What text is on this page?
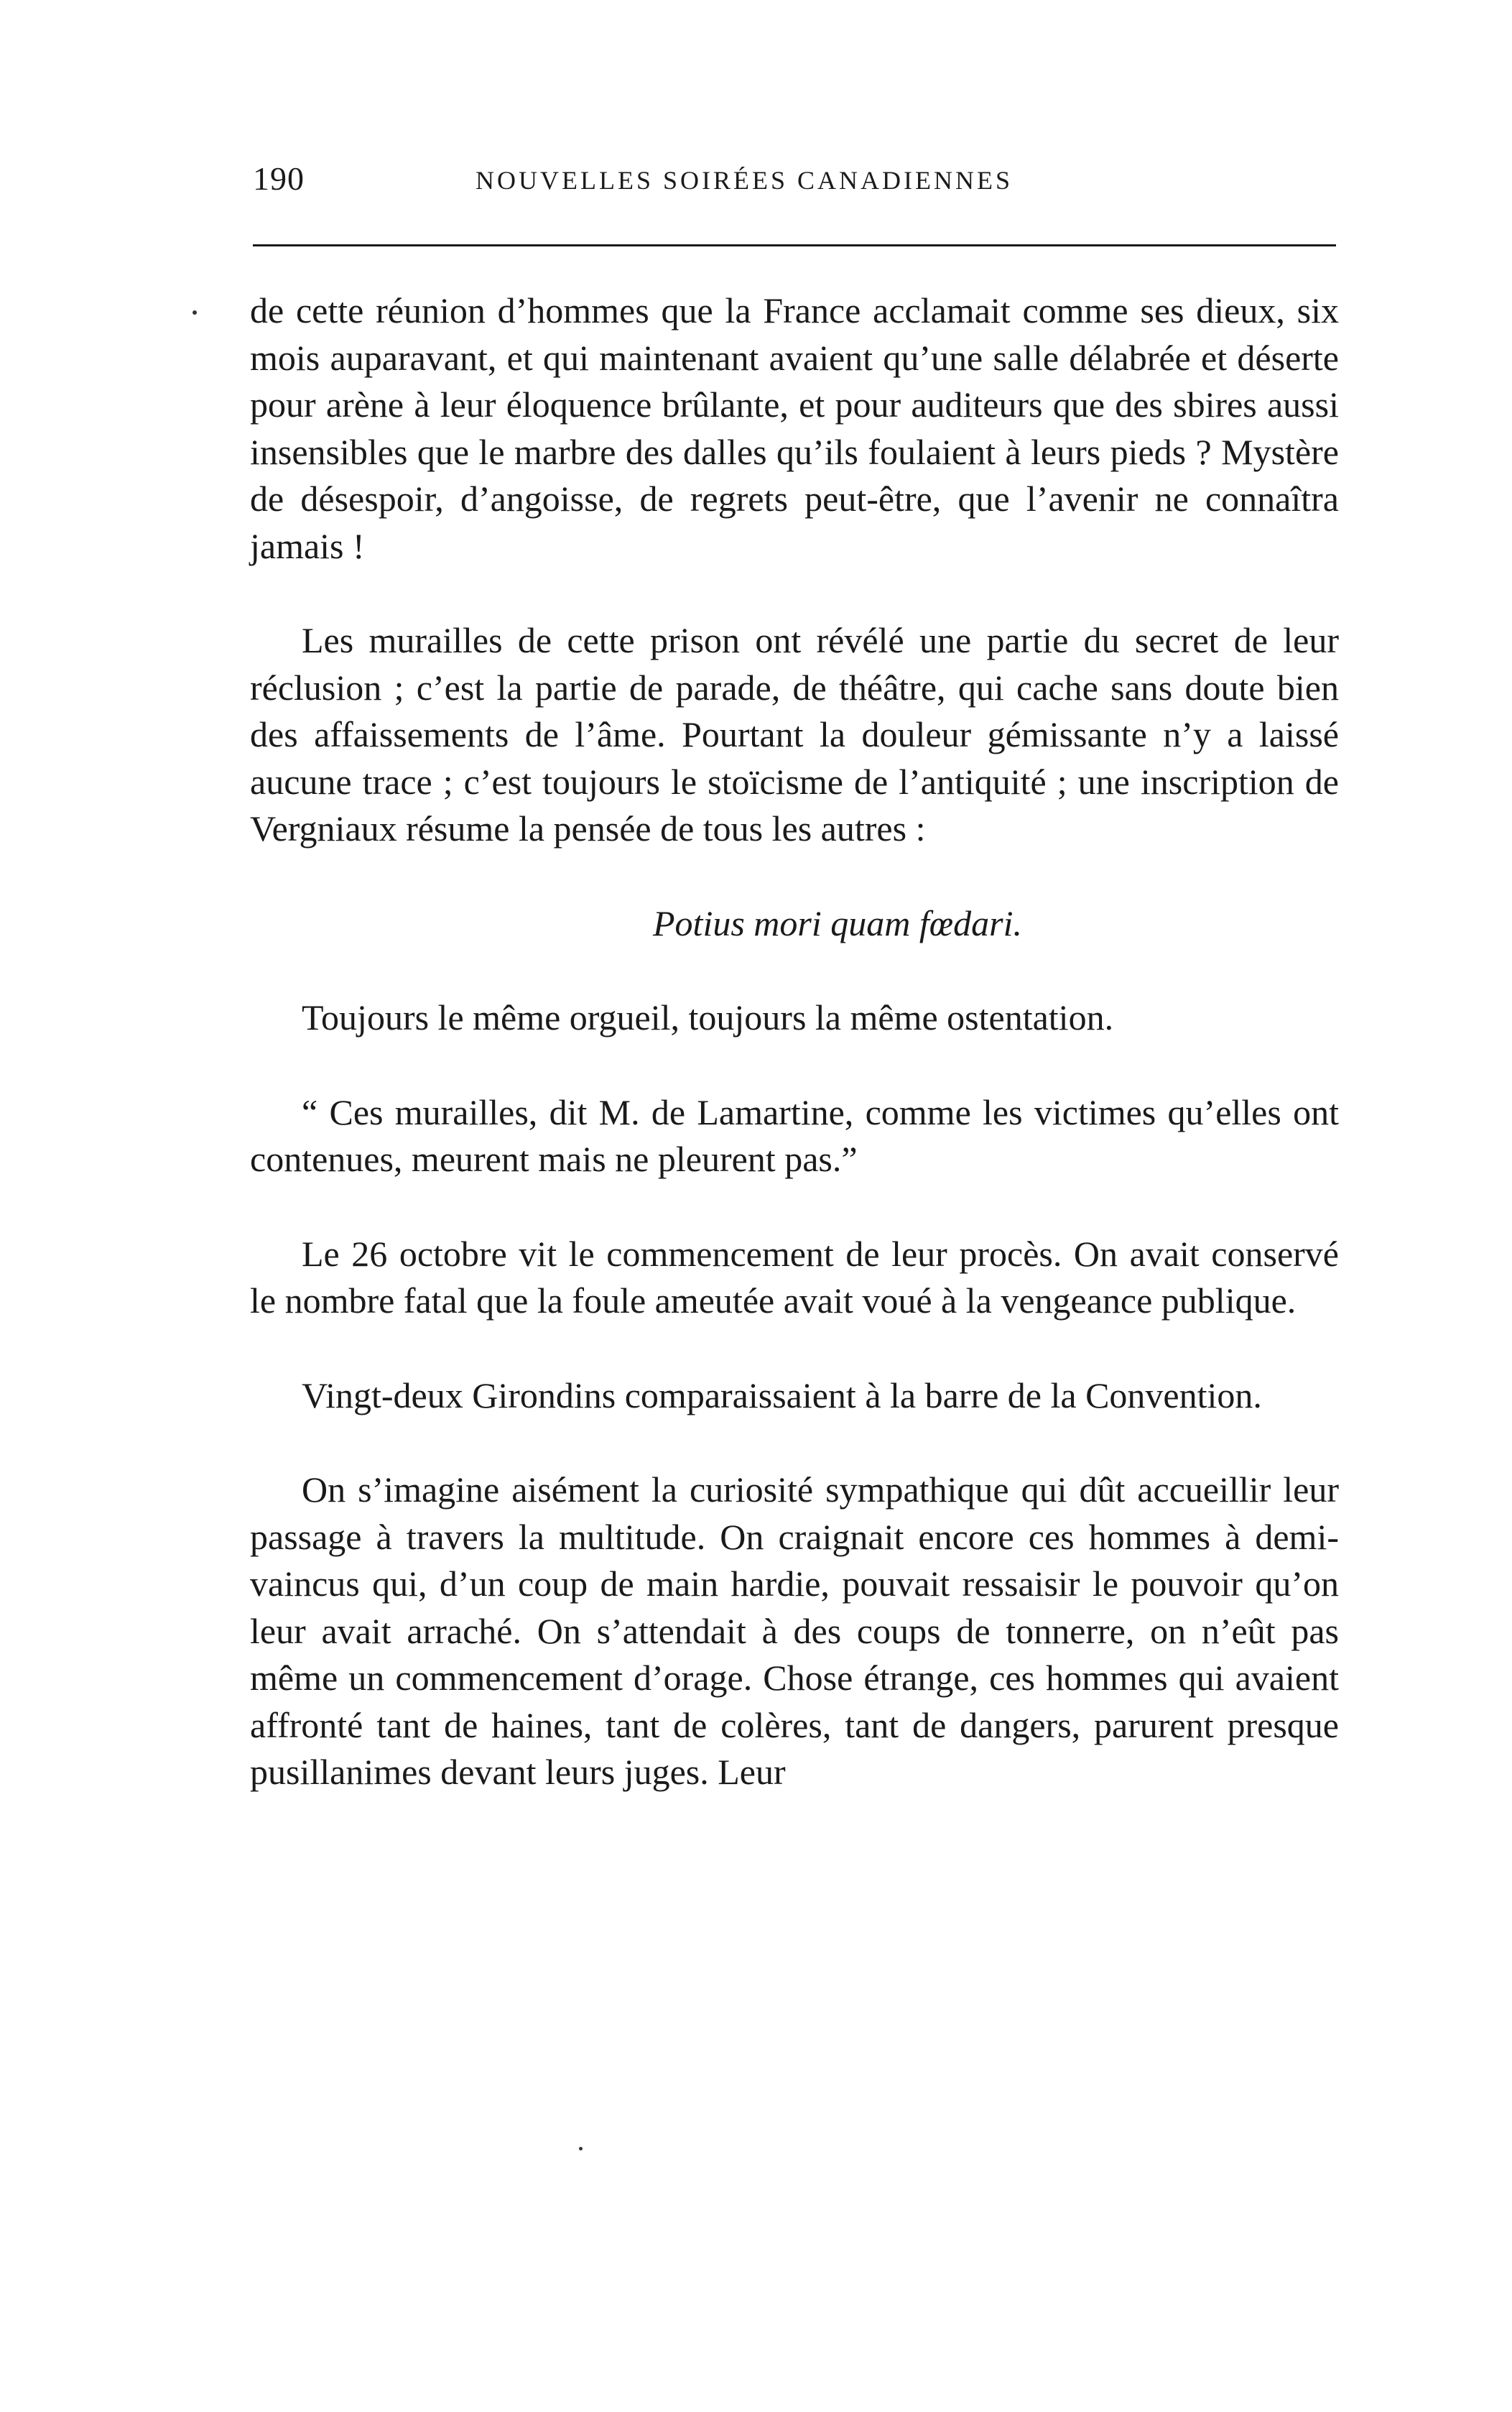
190	NOUVELLES SOIRÉES CANADIENNES

de cette réunion d’hommes que la France acclamait comme ses dieux, six mois auparavant, et qui maintenant avaient qu’une salle délabrée et déserte pour arène à leur éloquence brûlante, et pour auditeurs que des sbires aussi insensibles que le marbre des dalles qu’ils foulaient à leurs pieds ? Mystère de désespoir, d’angoisse, de regrets peut-être, que l’avenir ne connaîtra jamais !

Les murailles de cette prison ont révélé une partie du secret de leur réclusion ; c’est la partie de parade, de théâtre, qui cache sans doute bien des affaissements de l’âme. Pourtant la douleur gémissante n’y a laissé aucune trace ; c’est toujours le stoïcisme de l’antiquité ; une inscription de Vergniaux résume la pensée de tous les autres :

Potius mori quam fœdari.

Toujours le même orgueil, toujours la même ostentation.

“ Ces murailles, dit M. de Lamartine, comme les victimes qu’elles ont contenues, meurent mais ne pleurent pas.”

Le 26 octobre vit le commencement de leur procès. On avait conservé le nombre fatal que la foule ameutée avait voué à la vengeance publique.

Vingt-deux Girondins comparaissaient à la barre de la Convention.

On s’imagine aisément la curiosité sympathique qui dût accueillir leur passage à travers la multitude. On craignait encore ces hommes à demi-vaincus qui, d’un coup de main hardie, pouvait ressaisir le pouvoir qu’on leur avait arraché. On s’attendait à des coups de tonnerre, on n’eût pas même un commencement d’orage. Chose étrange, ces hommes qui avaient affronté tant de haines, tant de colères, tant de dangers, parurent presque pusillanimes devant leurs juges. Leur
